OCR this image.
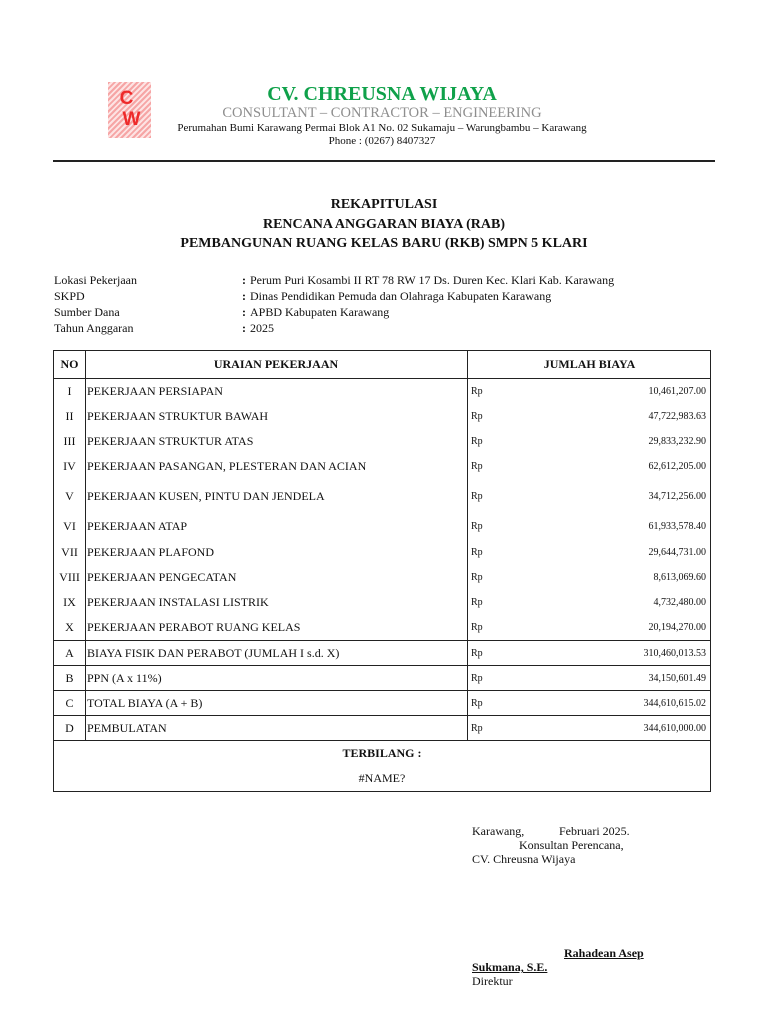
C
W
CV. CHREUSNA WIJAYA
CONSULTANT – CONTRACTOR – ENGINEERING
Perumahan Bumi Karawang Permai Blok A1 No. 02 Sukamaju – Warungbambu – Karawang
Phone : (0267) 8407327
REKAPITULASI
RENCANA ANGGARAN BIAYA (RAB)
PEMBANGUNAN RUANG KELAS BARU (RKB) SMPN 5 KLARI
Lokasi Pekerjaan	: Perum Puri Kosambi II RT 78 RW 17 Ds. Duren Kec. Klari Kab. Karawang
SKPD	: Dinas Pendidikan Pemuda dan Olahraga Kabupaten Karawang
Sumber Dana	: APBD Kabupaten Karawang
Tahun Anggaran	: 2025
NO	URAIAN PEKERJAAN	JUMLAH BIAYA	
I	PEKERJAAN PERSIAPAN	Rp	10,461,207.00
II	PEKERJAAN STRUKTUR BAWAH	Rp	47,722,983.63
III	PEKERJAAN STRUKTUR ATAS	Rp	29,833,232.90
IV	PEKERJAAN PASANGAN, PLESTERAN DAN ACIAN	Rp	62,612,205.00
V	PEKERJAAN KUSEN, PINTU DAN JENDELA	Rp	34,712,256.00
VI	PEKERJAAN ATAP	Rp	61,933,578.40
VII	PEKERJAAN PLAFOND	Rp	29,644,731.00
VIII	PEKERJAAN PENGECATAN	Rp	8,613,069.60
IX	PEKERJAAN INSTALASI LISTRIK	Rp	4,732,480.00
X	PEKERJAAN PERABOT RUANG KELAS	Rp	20,194,270.00
A	BIAYA FISIK DAN PERABOT (JUMLAH I s.d. X)	Rp	310,460,013.53
B	PPN (A x 11%)	Rp	34,150,601.49
C	TOTAL BIAYA (A + B)	Rp	344,610,615.02
D	PEMBULATAN	Rp	344,610,000.00
TERBILANG :			
#NAME?			
Karawang,	Februari 2025.
Konsultan Perencana,
CV. Chreusna Wijaya
Rahadean Asep
Sukmana, S.E.
Direktur
